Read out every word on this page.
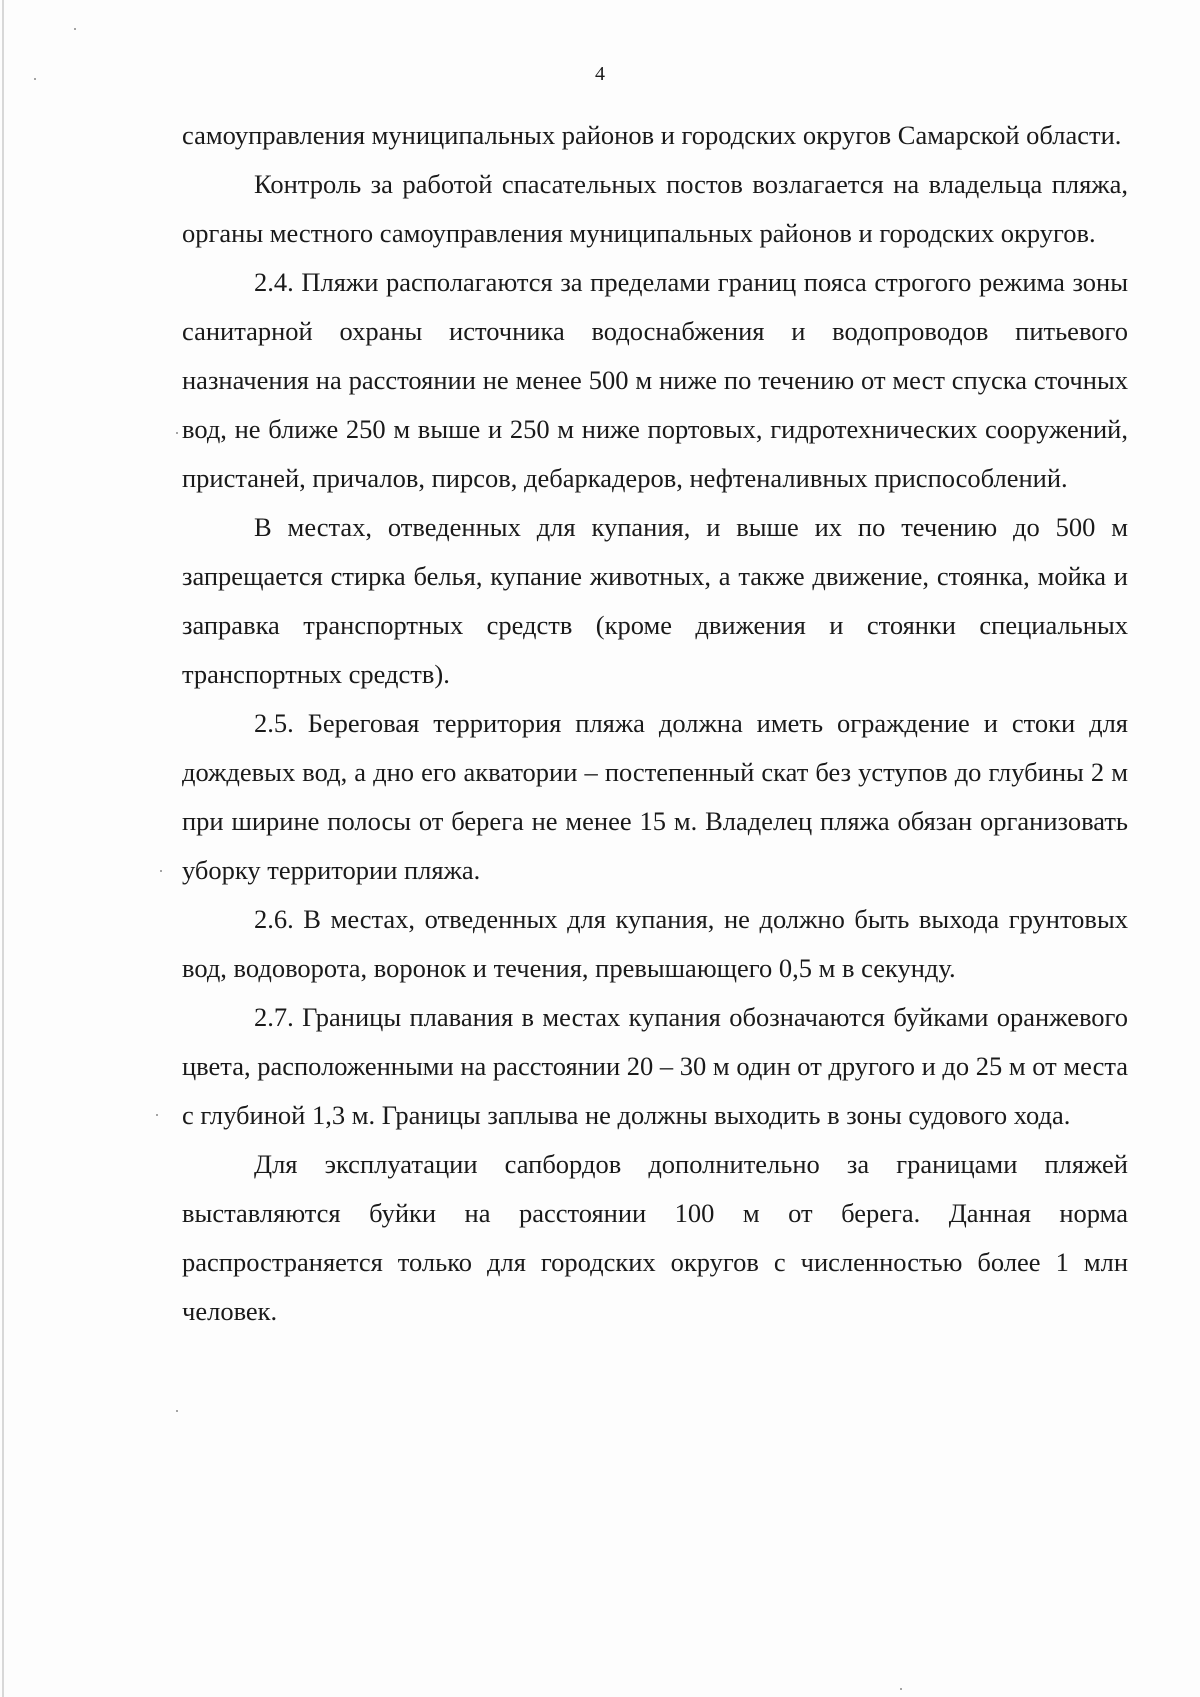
4

самоуправления муниципальных районов и городских округов Самарской области.

Контроль за работой спасательных постов возлагается на владельца пляжа, органы местного самоуправления муниципальных районов и городских округов.

2.4. Пляжи располагаются за пределами границ пояса строгого режима зоны санитарной охраны источника водоснабжения и водопроводов питьевого назначения на расстоянии не менее 500 м ниже по течению от мест спуска сточных вод, не ближе 250 м выше и 250 м ниже портовых, гидротехнических сооружений, пристаней, причалов, пирсов, дебаркадеров, нефтеналивных приспособлений.

В местах, отведенных для купания, и выше их по течению до 500 м запрещается стирка белья, купание животных, а также движение, стоянка, мойка и заправка транспортных средств (кроме движения и стоянки специальных транспортных средств).

2.5. Береговая территория пляжа должна иметь ограждение и стоки для дождевых вод, а дно его акватории – постепенный скат без уступов до глубины 2 м при ширине полосы от берега не менее 15 м. Владелец пляжа обязан организовать уборку территории пляжа.

2.6. В местах, отведенных для купания, не должно быть выхода грунтовых вод, водоворота, воронок и течения, превышающего 0,5 м в секунду.

2.7. Границы плавания в местах купания обозначаются буйками оранжевого цвета, расположенными на расстоянии 20 – 30 м один от другого и до 25 м от места с глубиной 1,3 м. Границы заплыва не должны выходить в зоны судового хода.

Для эксплуатации сапбордов дополнительно за границами пляжей выставляются буйки на расстоянии 100 м от берега. Данная норма распространяется только для городских округов с численностью более 1 млн человек.
